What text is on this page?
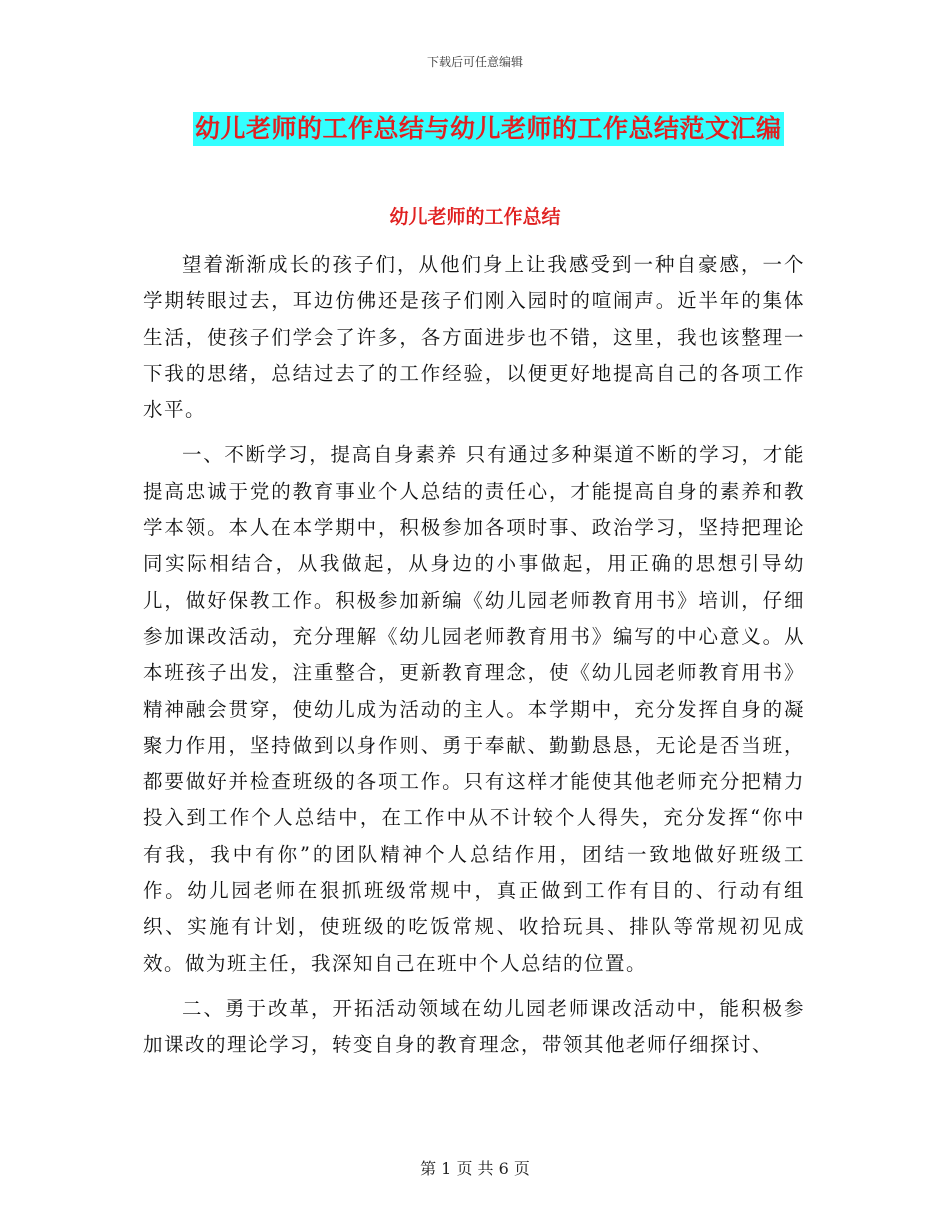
下载后可任意编辑
幼儿老师的工作总结与幼儿老师的工作总结范文汇编
幼儿老师的工作总结

望着渐渐成长的孩子们，从他们身上让我感受到一种自豪感，一个学期转眼过去，耳边仿佛还是孩子们刚入园时的喧闹声。近半年的集体生活，使孩子们学会了许多，各方面进步也不错，这里，我也该整理一下我的思绪，总结过去了的工作经验，以便更好地提高自己的各项工作水平。

一、不断学习，提高自身素养 只有通过多种渠道不断的学习，才能提高忠诚于党的教育事业个人总结的责任心，才能提高自身的素养和教学本领。本人在本学期中，积极参加各项时事、政治学习，坚持把理论同实际相结合，从我做起，从身边的小事做起，用正确的思想引导幼儿，做好保教工作。积极参加新编《幼儿园老师教育用书》培训，仔细参加课改活动，充分理解《幼儿园老师教育用书》编写的中心意义。从本班孩子出发，注重整合，更新教育理念，使《幼儿园老师教育用书》精神融会贯穿，使幼儿成为活动的主人。本学期中，充分发挥自身的凝聚力作用，坚持做到以身作则、勇于奉献、勤勤恳恳，无论是否当班，都要做好并检查班级的各项工作。只有这样才能使其他老师充分把精力投入到工作个人总结中，在工作中从不计较个人得失，充分发挥“你中有我，我中有你”的团队精神个人总结作用，团结一致地做好班级工作。幼儿园老师在狠抓班级常规中，真正做到工作有目的、行动有组织、实施有计划，使班级的吃饭常规、收拾玩具、排队等常规初见成效。做为班主任，我深知自己在班中个人总结的位置。

二、勇于改革，开拓活动领域在幼儿园老师课改活动中，能积极参加课改的理论学习，转变自身的教育理念，带领其他老师仔细探讨、

第 1 页 共 6 页
